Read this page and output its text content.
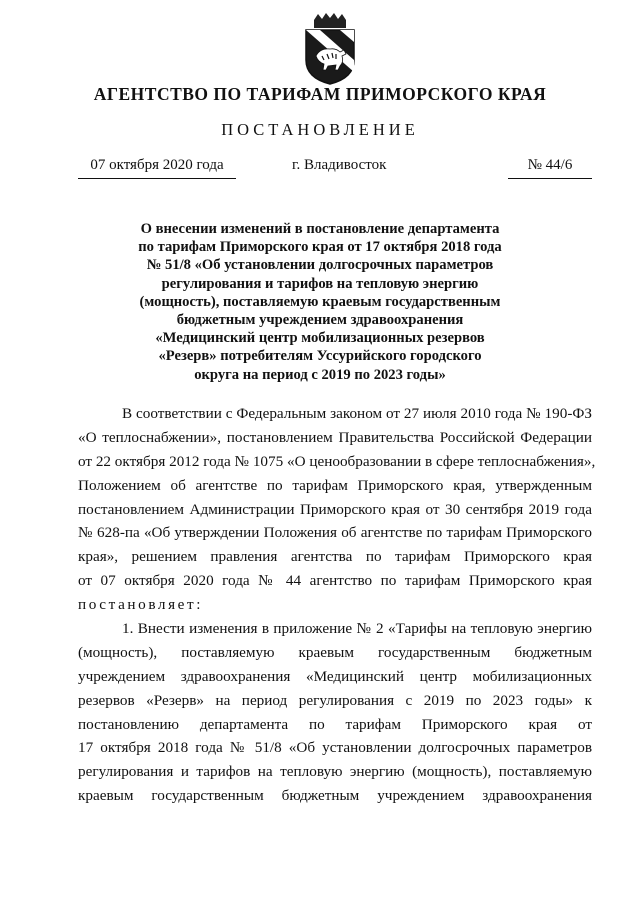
АГЕНТСТВО ПО ТАРИФАМ ПРИМОРСКОГО КРАЯ
ПОСТАНОВЛЕНИЕ
07 октября 2020 года	г. Владивосток	№ 44/6
О внесении изменений в постановление департамента
по тарифам Приморского края от 17 октября 2018 года
№ 51/8 «Об установлении долгосрочных параметров
регулирования и тарифов на тепловую энергию
(мощность), поставляемую краевым государственным
бюджетным учреждением здравоохранения
«Медицинский центр мобилизационных резервов
«Резерв» потребителям Уссурийского городского
округа на период с 2019 по 2023 годы»
В соответствии с Федеральным законом от 27 июля 2010 года № 190-ФЗ
«О теплоснабжении», постановлением Правительства Российской Федерации
от 22 октября 2012 года № 1075 «О ценообразовании в сфере теплоснабжения»,
Положением об агентстве по тарифам Приморского края, утвержденным
постановлением Администрации Приморского края от 30 сентября 2019 года
№ 628-па «Об утверждении Положения об агентстве по тарифам Приморского
края», решением правления агентства по тарифам Приморского края
от 07 октября 2020 года № 44 агентство по тарифам Приморского края
постановляет:
1. Внести изменения в приложение № 2 «Тарифы на тепловую энергию
(мощность), поставляемую краевым государственным бюджетным
учреждением здравоохранения «Медицинский центр мобилизационных
резервов «Резерв» на период регулирования с 2019 по 2023 годы» к
постановлению департамента по тарифам Приморского края от
17 октября 2018 года № 51/8 «Об установлении долгосрочных параметров
регулирования и тарифов на тепловую энергию (мощность), поставляемую
краевым государственным бюджетным учреждением здравоохранения
